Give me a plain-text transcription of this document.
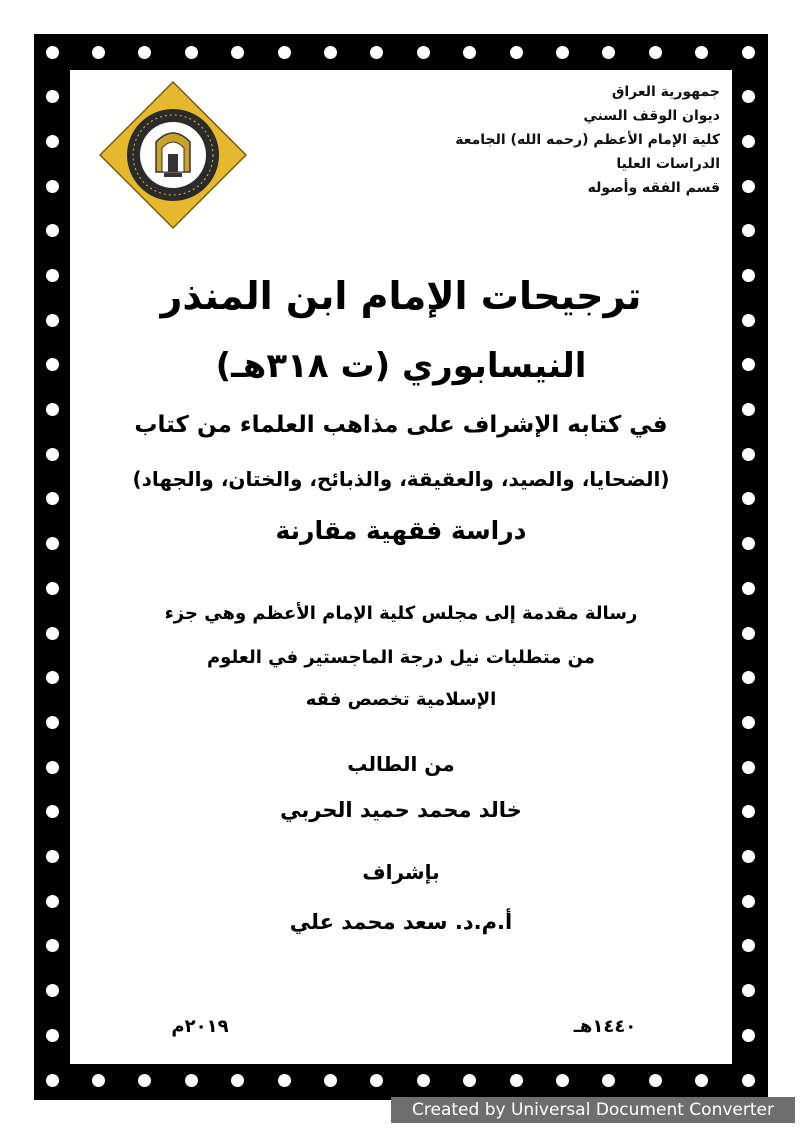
جمهورية العراق
ديوان الوقف السني
كلية الإمام الأعظم (رحمه الله) الجامعة
الدراسات العليا
قسم الفقه وأصوله
ترجيحات الإمام ابن المنذر
النيسابوري (ت ٣١٨هـ)
في كتابه الإشراف على مذاهب العلماء من كتاب
(الضحايا، والصيد، والعقيقة، والذبائح، والختان، والجهاد)
دراسة فقهية مقارنة
رسالة مقدمة إلى مجلس كلية الإمام الأعظم وهي جزء
من متطلبات نيل درجة الماجستير في العلوم
الإسلامية تخصص فقه
من الطالب
خالد محمد حميد الحربي
بإشراف
أ.م.د. سعد محمد علي
٢٠١٩م	١٤٤٠هـ
Created by Universal Document Converter
